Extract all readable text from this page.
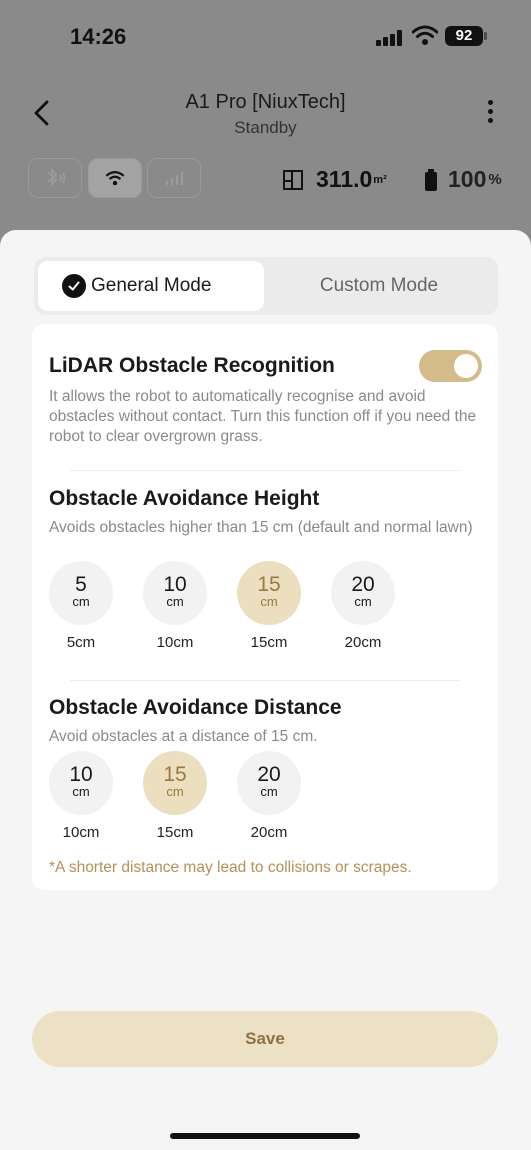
14:26	92
A1 Pro [NiuxTech]
Standby
311.0 m²	100 %
General Mode	Custom Mode
LiDAR Obstacle Recognition
It allows the robot to automatically recognise and avoid obstacles without contact. Turn this function off if you need the robot to clear overgrown grass.
Obstacle Avoidance Height
Avoids obstacles higher than 15 cm (default and normal lawn)
5
cm
10
cm
15
cm
20
cm
5cm	10cm	15cm	20cm
Obstacle Avoidance Distance
Avoid obstacles at a distance of 15 cm.
10
cm
15
cm
20
cm
10cm	15cm	20cm
*A shorter distance may lead to collisions or scrapes.
Save
